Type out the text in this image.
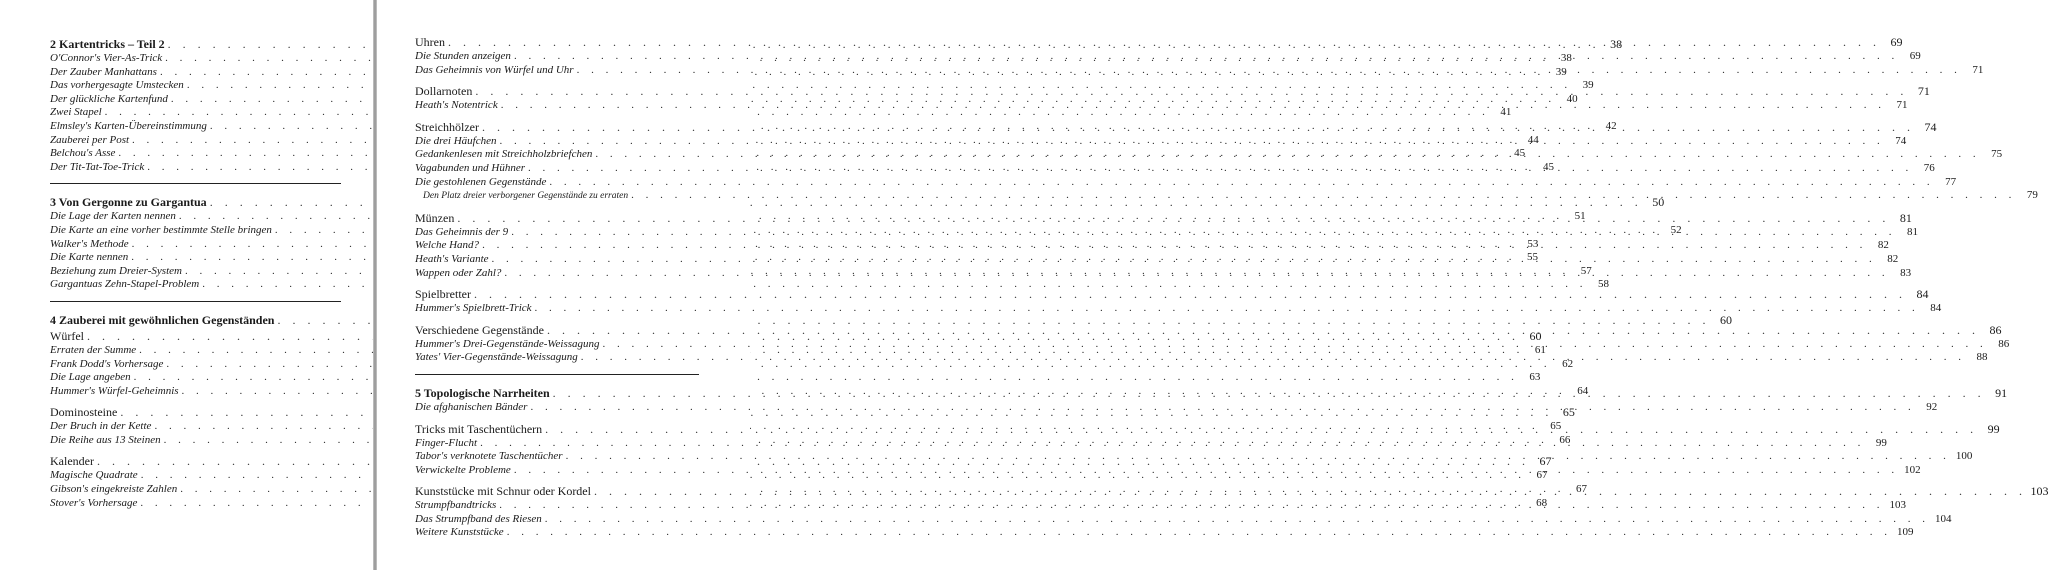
2 Kartentricks – Teil 2 . . .	38
O'Connor's Vier-As-Trick . . .	38
Der Zauber Manhattans . . .	39
Das vorhergesagte Umstecken . . .	39
Der glückliche Kartenfund . . .	40
Zwei Stapel . . .	41
Elmsley's Karten-Übereinstimmung . . .	42
Zauberei per Post . . .	44
Belchou's Asse . . .	45
Der Tit-Tat-Toe-Trick . . .	45
3 Von Gergonne zu Gargantua . . .	50
Die Lage der Karten nennen . . .	51
Die Karte an eine vorher bestimmte Stelle bringen . . .	52
Walker's Methode . . .	53
Die Karte nennen . . .	55
Beziehung zum Dreier-System . . .	57
Gargantuas Zehn-Stapel-Problem . . .	58
4 Zauberei mit gewöhnlichen Gegenständen . . .	60
Würfel . . .	60
Erraten der Summe . . .	61
Frank Dodd's Vorhersage . . .	62
Die Lage angeben . . .	63
Hummer's Würfel-Geheimnis . . .	64
Dominosteine . . .	65
Der Bruch in der Kette . . .	65
Die Reihe aus 13 Steinen . . .	66
Kalender . . .	67
Magische Quadrate . . .	67
Gibson's eingekreiste Zahlen . . .	67
Stover's Vorhersage . . .	68
Uhren . . .	69
Die Stunden anzeigen . . .	69
Das Geheimnis von Würfel und Uhr . . .	71
Dollarnoten . . .	71
Heath's Notentrick . . .	71
Streichhölzer . . .	74
Die drei Häufchen . . .	74
Gedankenlesen mit Streichholzbriefchen . . .	75
Vagabunden und Hühner . . .	76
Die gestohlenen Gegenstände . . .	77
Den Platz dreier verborgener Gegenstände zu erraten . . .	79
Münzen . . .	81
Das Geheimnis der 9 . . .	81
Welche Hand? . . .	82
Heath's Variante . . .	82
Wappen oder Zahl? . . .	83
Spielbretter . . .	84
Hummer's Spielbrett-Trick . . .	84
Verschiedene Gegenstände . . .	86
Hummer's Drei-Gegenstände-Weissagung . . .	86
Yates' Vier-Gegenstände-Weissagung . . .	88
5 Topologische Narrheiten . . .	91
Die afghanischen Bänder . . .	92
Tricks mit Taschentüchern . . .	99
Finger-Flucht . . .	99
Tabor's verknotete Taschentücher . . .	100
Verwickelte Probleme . . .	102
Kunststücke mit Schnur oder Kordel . . .	103
Strumpfbandtricks . . .	103
Das Strumpfband des Riesen . . .	104
Weitere Kunststücke . . .	109
